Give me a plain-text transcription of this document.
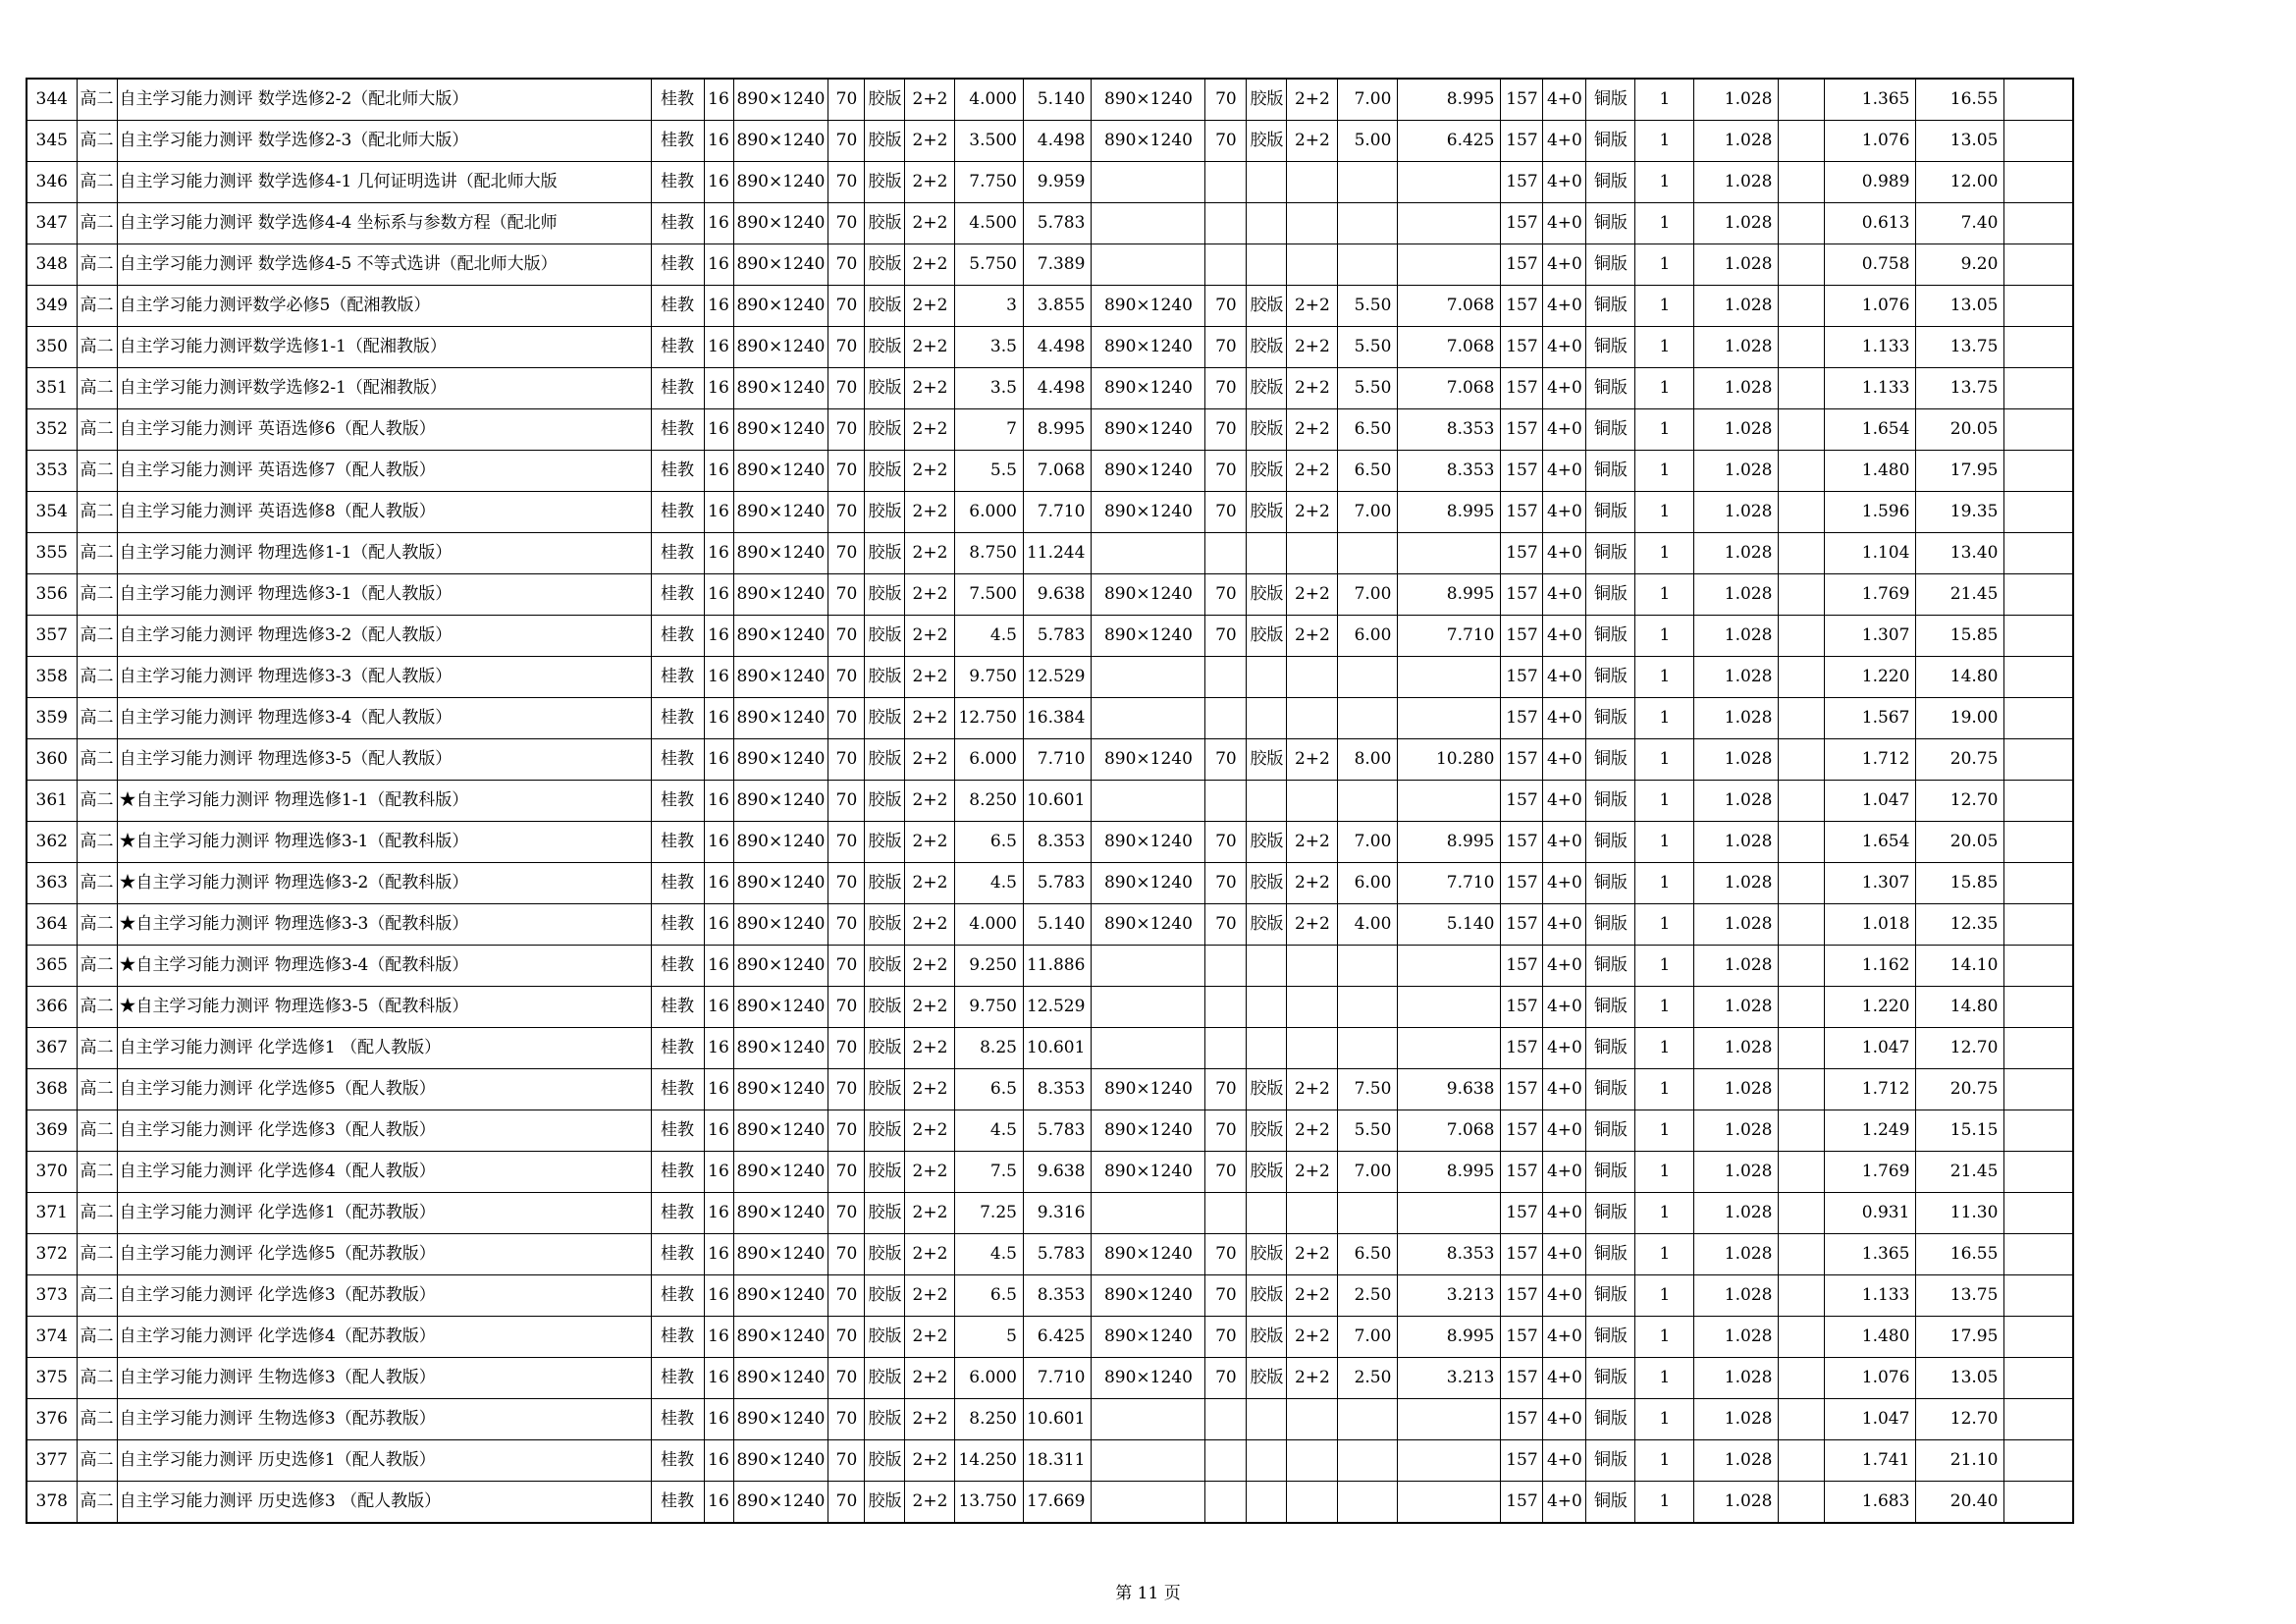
344	高二	自主学习能力测评 数学选修2-2（配北师大版）	桂教	16	890×1240	70	胶版	2+2	4.000	5.140	890×1240	70	胶版	2+2	7.00	8.995	157	4+0	铜版	1	1.028		1.365	16.55	
345	高二	自主学习能力测评 数学选修2-3（配北师大版）	桂教	16	890×1240	70	胶版	2+2	3.500	4.498	890×1240	70	胶版	2+2	5.00	6.425	157	4+0	铜版	1	1.028		1.076	13.05	
346	高二	自主学习能力测评 数学选修4-1 几何证明选讲（配北师大版	桂教	16	890×1240	70	胶版	2+2	7.750	9.959							157	4+0	铜版	1	1.028		0.989	12.00	
347	高二	自主学习能力测评 数学选修4-4 坐标系与参数方程（配北师	桂教	16	890×1240	70	胶版	2+2	4.500	5.783							157	4+0	铜版	1	1.028		0.613	7.40	
348	高二	自主学习能力测评 数学选修4-5 不等式选讲（配北师大版）	桂教	16	890×1240	70	胶版	2+2	5.750	7.389							157	4+0	铜版	1	1.028		0.758	9.20	
349	高二	自主学习能力测评数学必修5（配湘教版）	桂教	16	890×1240	70	胶版	2+2	3	3.855	890×1240	70	胶版	2+2	5.50	7.068	157	4+0	铜版	1	1.028		1.076	13.05	
350	高二	自主学习能力测评数学选修1-1（配湘教版）	桂教	16	890×1240	70	胶版	2+2	3.5	4.498	890×1240	70	胶版	2+2	5.50	7.068	157	4+0	铜版	1	1.028		1.133	13.75	
351	高二	自主学习能力测评数学选修2-1（配湘教版）	桂教	16	890×1240	70	胶版	2+2	3.5	4.498	890×1240	70	胶版	2+2	5.50	7.068	157	4+0	铜版	1	1.028		1.133	13.75	
352	高二	自主学习能力测评 英语选修6（配人教版）	桂教	16	890×1240	70	胶版	2+2	7	8.995	890×1240	70	胶版	2+2	6.50	8.353	157	4+0	铜版	1	1.028		1.654	20.05	
353	高二	自主学习能力测评 英语选修7（配人教版）	桂教	16	890×1240	70	胶版	2+2	5.5	7.068	890×1240	70	胶版	2+2	6.50	8.353	157	4+0	铜版	1	1.028		1.480	17.95	
354	高二	自主学习能力测评 英语选修8（配人教版）	桂教	16	890×1240	70	胶版	2+2	6.000	7.710	890×1240	70	胶版	2+2	7.00	8.995	157	4+0	铜版	1	1.028		1.596	19.35	
355	高二	自主学习能力测评 物理选修1-1（配人教版）	桂教	16	890×1240	70	胶版	2+2	8.750	11.244							157	4+0	铜版	1	1.028		1.104	13.40	
356	高二	自主学习能力测评 物理选修3-1（配人教版）	桂教	16	890×1240	70	胶版	2+2	7.500	9.638	890×1240	70	胶版	2+2	7.00	8.995	157	4+0	铜版	1	1.028		1.769	21.45	
357	高二	自主学习能力测评 物理选修3-2（配人教版）	桂教	16	890×1240	70	胶版	2+2	4.5	5.783	890×1240	70	胶版	2+2	6.00	7.710	157	4+0	铜版	1	1.028		1.307	15.85	
358	高二	自主学习能力测评 物理选修3-3（配人教版）	桂教	16	890×1240	70	胶版	2+2	9.750	12.529							157	4+0	铜版	1	1.028		1.220	14.80	
359	高二	自主学习能力测评 物理选修3-4（配人教版）	桂教	16	890×1240	70	胶版	2+2	12.750	16.384							157	4+0	铜版	1	1.028		1.567	19.00	
360	高二	自主学习能力测评 物理选修3-5（配人教版）	桂教	16	890×1240	70	胶版	2+2	6.000	7.710	890×1240	70	胶版	2+2	8.00	10.280	157	4+0	铜版	1	1.028		1.712	20.75	
361	高二	★自主学习能力测评 物理选修1-1（配教科版）	桂教	16	890×1240	70	胶版	2+2	8.250	10.601							157	4+0	铜版	1	1.028		1.047	12.70	
362	高二	★自主学习能力测评 物理选修3-1（配教科版）	桂教	16	890×1240	70	胶版	2+2	6.5	8.353	890×1240	70	胶版	2+2	7.00	8.995	157	4+0	铜版	1	1.028		1.654	20.05	
363	高二	★自主学习能力测评 物理选修3-2（配教科版）	桂教	16	890×1240	70	胶版	2+2	4.5	5.783	890×1240	70	胶版	2+2	6.00	7.710	157	4+0	铜版	1	1.028		1.307	15.85	
364	高二	★自主学习能力测评 物理选修3-3（配教科版）	桂教	16	890×1240	70	胶版	2+2	4.000	5.140	890×1240	70	胶版	2+2	4.00	5.140	157	4+0	铜版	1	1.028		1.018	12.35	
365	高二	★自主学习能力测评 物理选修3-4（配教科版）	桂教	16	890×1240	70	胶版	2+2	9.250	11.886							157	4+0	铜版	1	1.028		1.162	14.10	
366	高二	★自主学习能力测评 物理选修3-5（配教科版）	桂教	16	890×1240	70	胶版	2+2	9.750	12.529							157	4+0	铜版	1	1.028		1.220	14.80	
367	高二	自主学习能力测评 化学选修1 （配人教版）	桂教	16	890×1240	70	胶版	2+2	8.25	10.601							157	4+0	铜版	1	1.028		1.047	12.70	
368	高二	自主学习能力测评 化学选修5（配人教版）	桂教	16	890×1240	70	胶版	2+2	6.5	8.353	890×1240	70	胶版	2+2	7.50	9.638	157	4+0	铜版	1	1.028		1.712	20.75	
369	高二	自主学习能力测评 化学选修3（配人教版）	桂教	16	890×1240	70	胶版	2+2	4.5	5.783	890×1240	70	胶版	2+2	5.50	7.068	157	4+0	铜版	1	1.028		1.249	15.15	
370	高二	自主学习能力测评 化学选修4（配人教版）	桂教	16	890×1240	70	胶版	2+2	7.5	9.638	890×1240	70	胶版	2+2	7.00	8.995	157	4+0	铜版	1	1.028		1.769	21.45	
371	高二	自主学习能力测评 化学选修1（配苏教版）	桂教	16	890×1240	70	胶版	2+2	7.25	9.316							157	4+0	铜版	1	1.028		0.931	11.30	
372	高二	自主学习能力测评 化学选修5（配苏教版）	桂教	16	890×1240	70	胶版	2+2	4.5	5.783	890×1240	70	胶版	2+2	6.50	8.353	157	4+0	铜版	1	1.028		1.365	16.55	
373	高二	自主学习能力测评 化学选修3（配苏教版）	桂教	16	890×1240	70	胶版	2+2	6.5	8.353	890×1240	70	胶版	2+2	2.50	3.213	157	4+0	铜版	1	1.028		1.133	13.75	
374	高二	自主学习能力测评 化学选修4（配苏教版）	桂教	16	890×1240	70	胶版	2+2	5	6.425	890×1240	70	胶版	2+2	7.00	8.995	157	4+0	铜版	1	1.028		1.480	17.95	
375	高二	自主学习能力测评 生物选修3（配人教版）	桂教	16	890×1240	70	胶版	2+2	6.000	7.710	890×1240	70	胶版	2+2	2.50	3.213	157	4+0	铜版	1	1.028		1.076	13.05	
376	高二	自主学习能力测评 生物选修3（配苏教版）	桂教	16	890×1240	70	胶版	2+2	8.250	10.601							157	4+0	铜版	1	1.028		1.047	12.70	
377	高二	自主学习能力测评 历史选修1（配人教版）	桂教	16	890×1240	70	胶版	2+2	14.250	18.311							157	4+0	铜版	1	1.028		1.741	21.10	
378	高二	自主学习能力测评 历史选修3 （配人教版）	桂教	16	890×1240	70	胶版	2+2	13.750	17.669							157	4+0	铜版	1	1.028		1.683	20.40	
第 11 页
